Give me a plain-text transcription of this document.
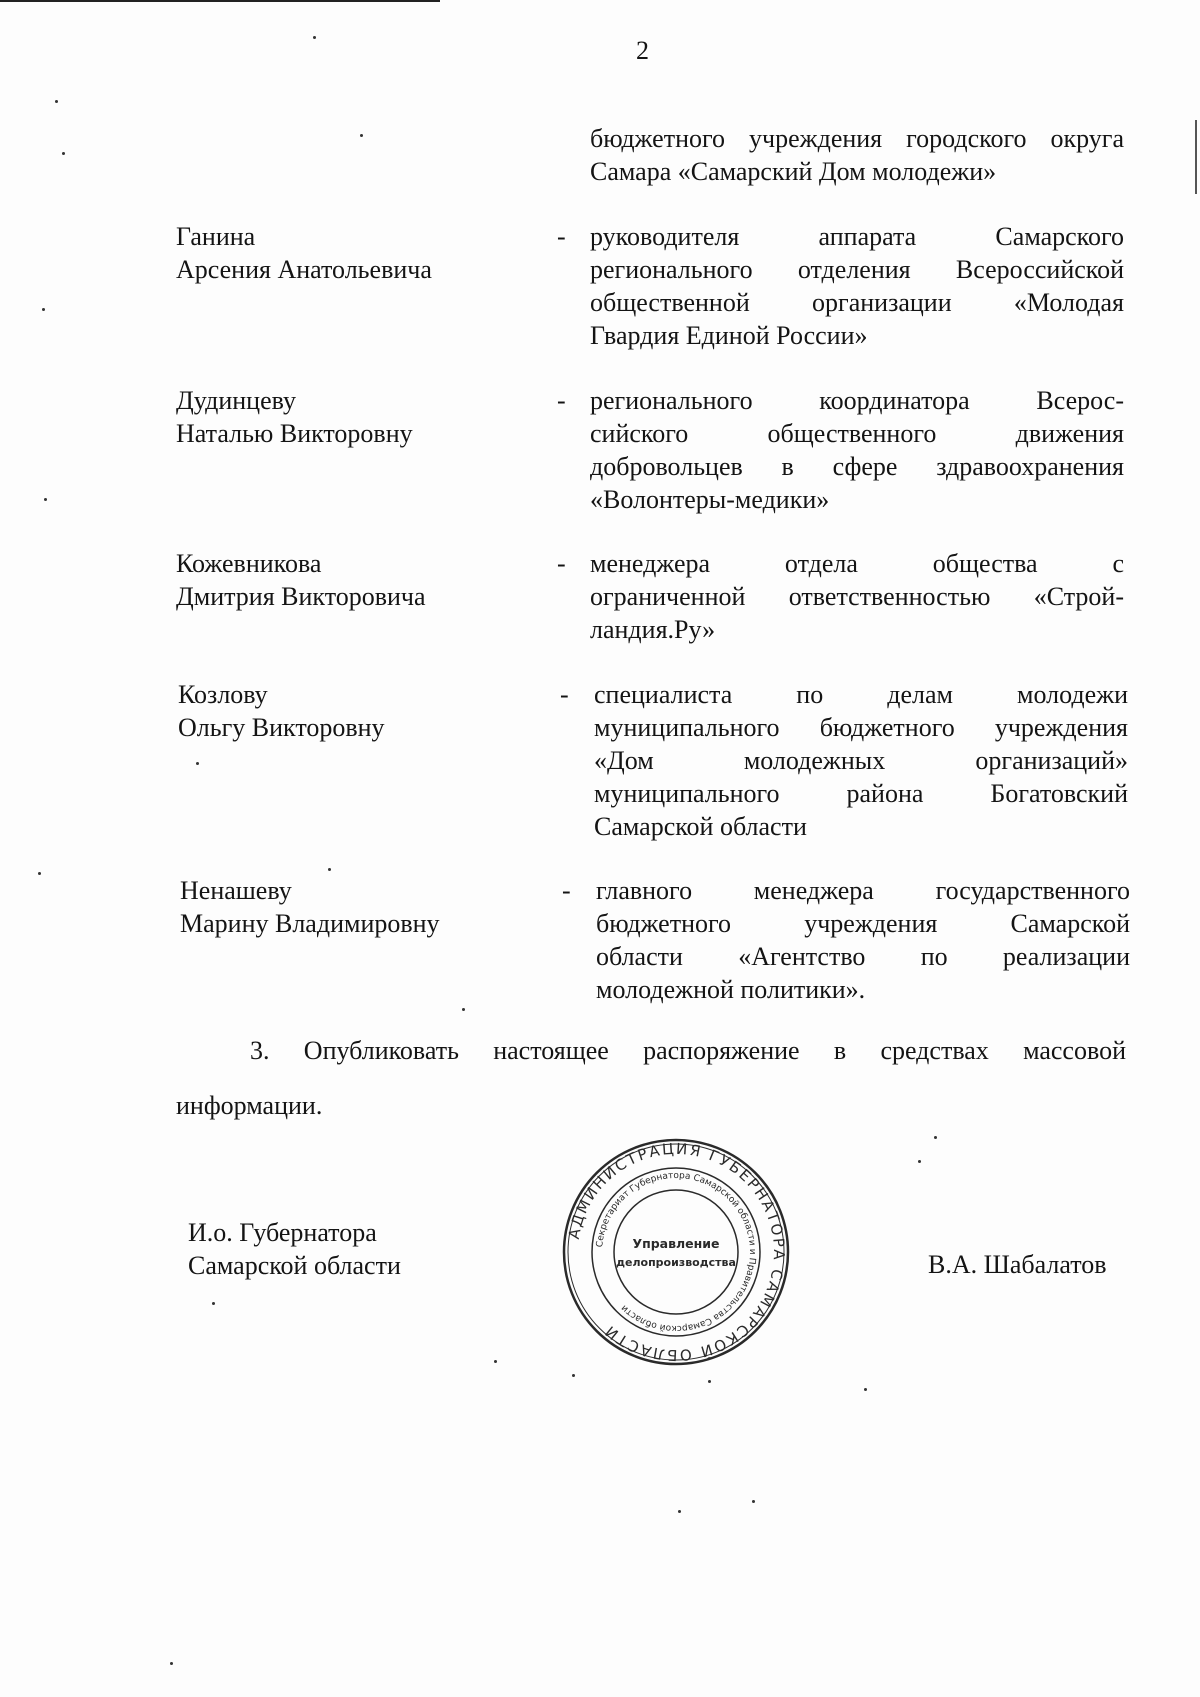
2
бюджетного учреждения городского округа
Самара «Самарский Дом молодежи»
Ганина
Арсения Анатольевича
- руководителя аппарата Самарского
регионального отделения Всероссийской
общественной организации «Молодая
Гвардия Единой России»
Дудинцеву
Наталью Викторовну
- регионального координатора Всерос-
сийского общественного движения
добровольцев в сфере здравоохранения
«Волонтеры-медики»
Кожевникова
Дмитрия Викторовича
- менеджера отдела общества с
ограниченной ответственностью «Строй-
ландия.Ру»
Козлову
Ольгу Викторовну
- специалиста по делам молодежи
муниципального бюджетного учреждения
«Дом молодежных организаций»
муниципального района Богатовский
Самарской области
Ненашеву
Марину Владимировну
- главного менеджера государственного
бюджетного учреждения Самарской
области «Агентство по реализации
молодежной политики».
3. Опубликовать настоящее распоряжение в средствах массовой
информации.
И.о. Губернатора
Самарской области	В.А. Шабалатов
АДМИНИСТРАЦИЯ ГУБЕРНАТОРА САМАРСКОЙ ОБЛАСТИ
Секретариат Губернатора Самарской области и Правительства Самарской области
Управление
делопроизводства
